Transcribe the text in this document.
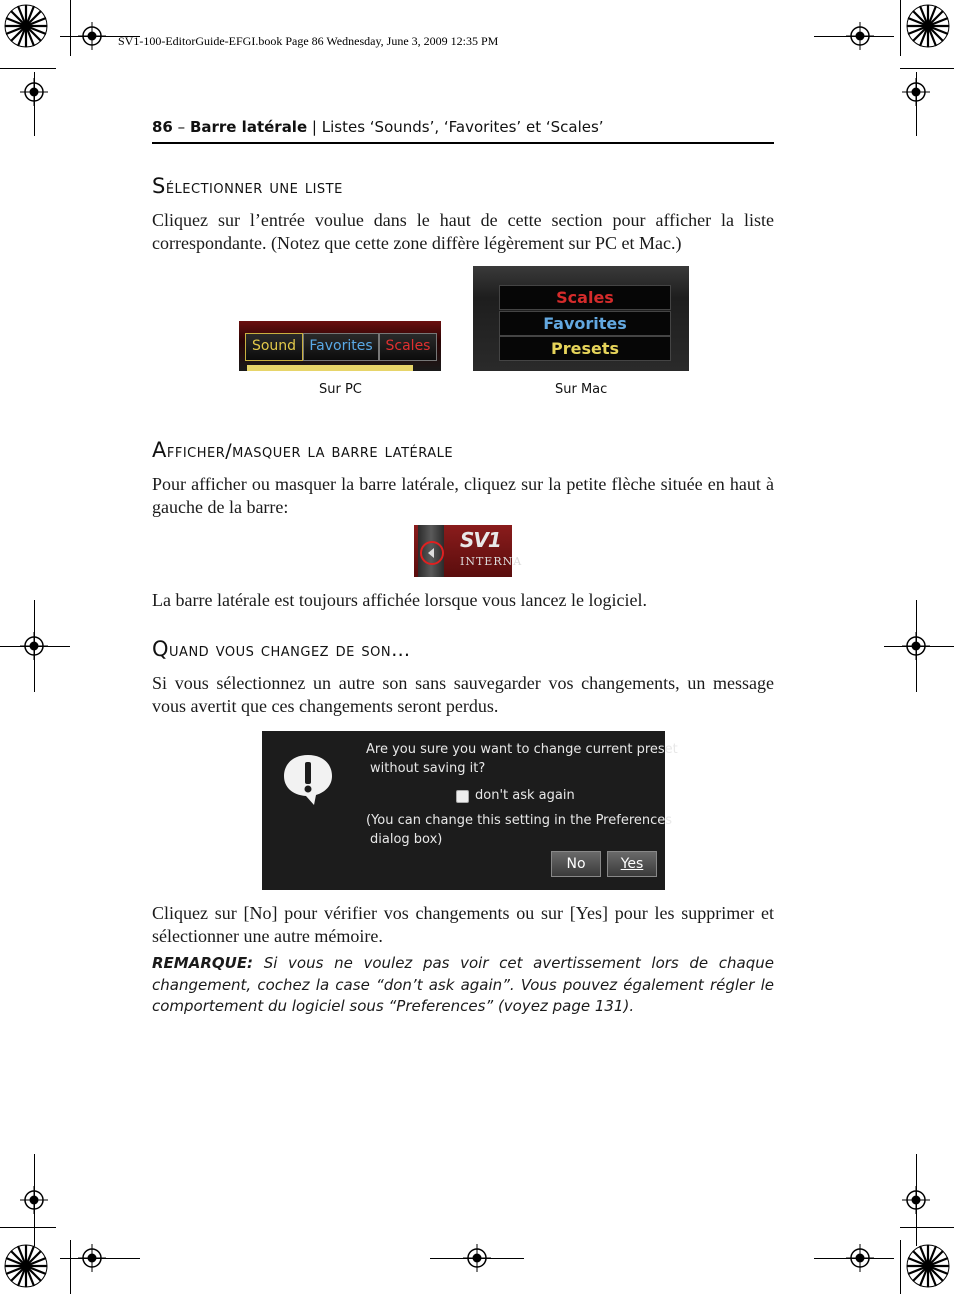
SV1-100-EditorGuide-EFGI.book Page 86 Wednesday, June 3, 2009 12:35 PM
86 – Barre latérale | Listes ‘Sounds’, ‘Favorites’ et ‘Scales’
Sélectionner une liste
Cliquez sur l’entrée voulue dans le haut de cette section pour afficher la liste correspondante. (Notez que cette zone diffère légèrement sur PC et Mac.)
Sound Favorites Scales
Scales
Favorites
Presets
Sur PC	Sur Mac
Afficher/masquer la barre latérale
Pour afficher ou masquer la barre latérale, cliquez sur la petite flèche située en haut à gauche de la barre:
SV1
INTERNA
La barre latérale est toujours affichée lorsque vous lancez le logiciel.
Quand vous changez de son…
Si vous sélectionnez un autre son sans sauvegarder vos changements, un message vous avertit que ces changements seront perdus.
Are you sure you want to change current preset
without saving it?
don't ask again
(You can change this setting in the Preferences
dialog box)
No	Yes
Cliquez sur [No] pour vérifier vos changements ou sur [Yes] pour les supprimer et sélectionner une autre mémoire.
REMARQUE: Si vous ne voulez pas voir cet avertissement lors de chaque changement, cochez la case “don’t ask again”. Vous pouvez également régler le comportement du logiciel sous “Preferences” (voyez page 131).
